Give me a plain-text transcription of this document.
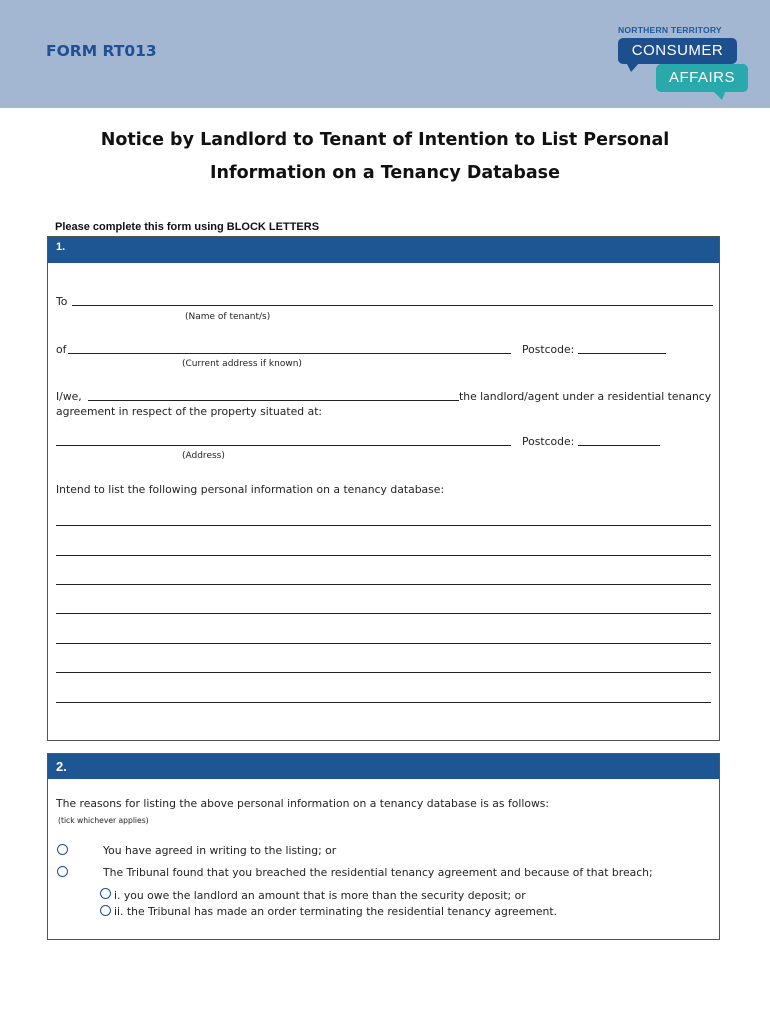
FORM RT013
NORTHERN TERRITORY
CONSUMER
AFFAIRS
Notice by Landlord to Tenant of Intention to List Personal
Information on a Tenancy Database
Please complete this form using BLOCK LETTERS
1.
To
(Name of tenant/s)
of	Postcode:
(Current address if known)
I/we,	the landlord/agent under a residential tenancy
agreement in respect of the property situated at:
Postcode:
(Address)
Intend to list the following personal information on a tenancy database:
2.
The reasons for listing the above personal information on a tenancy database is as follows:
(tick whichever applies)
You have agreed in writing to the listing; or
The Tribunal found that you breached the residential tenancy agreement and because of that breach;
i. you owe the landlord an amount that is more than the security deposit; or
ii. the Tribunal has made an order terminating the residential tenancy agreement.
